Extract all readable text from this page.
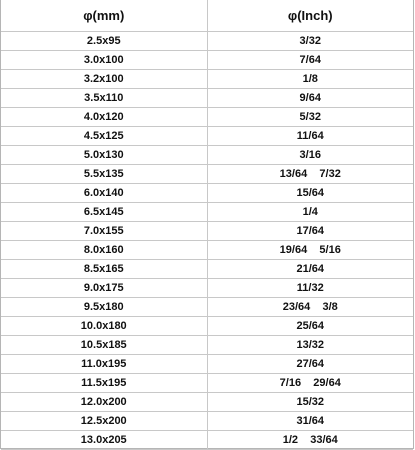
φ(mm)	φ(Inch)
2.5x95	3/32
3.0x100	7/64
3.2x100	1/8
3.5x110	9/64
4.0x120	5/32
4.5x125	11/64
5.0x130	3/16
5.5x135	13/64    7/32
6.0x140	15/64
6.5x145	1/4
7.0x155	17/64
8.0x160	19/64    5/16
8.5x165	21/64
9.0x175	11/32
9.5x180	23/64    3/8
10.0x180	25/64
10.5x185	13/32
11.0x195	27/64
11.5x195	7/16    29/64
12.0x200	15/32
12.5x200	31/64
13.0x205	1/2    33/64
